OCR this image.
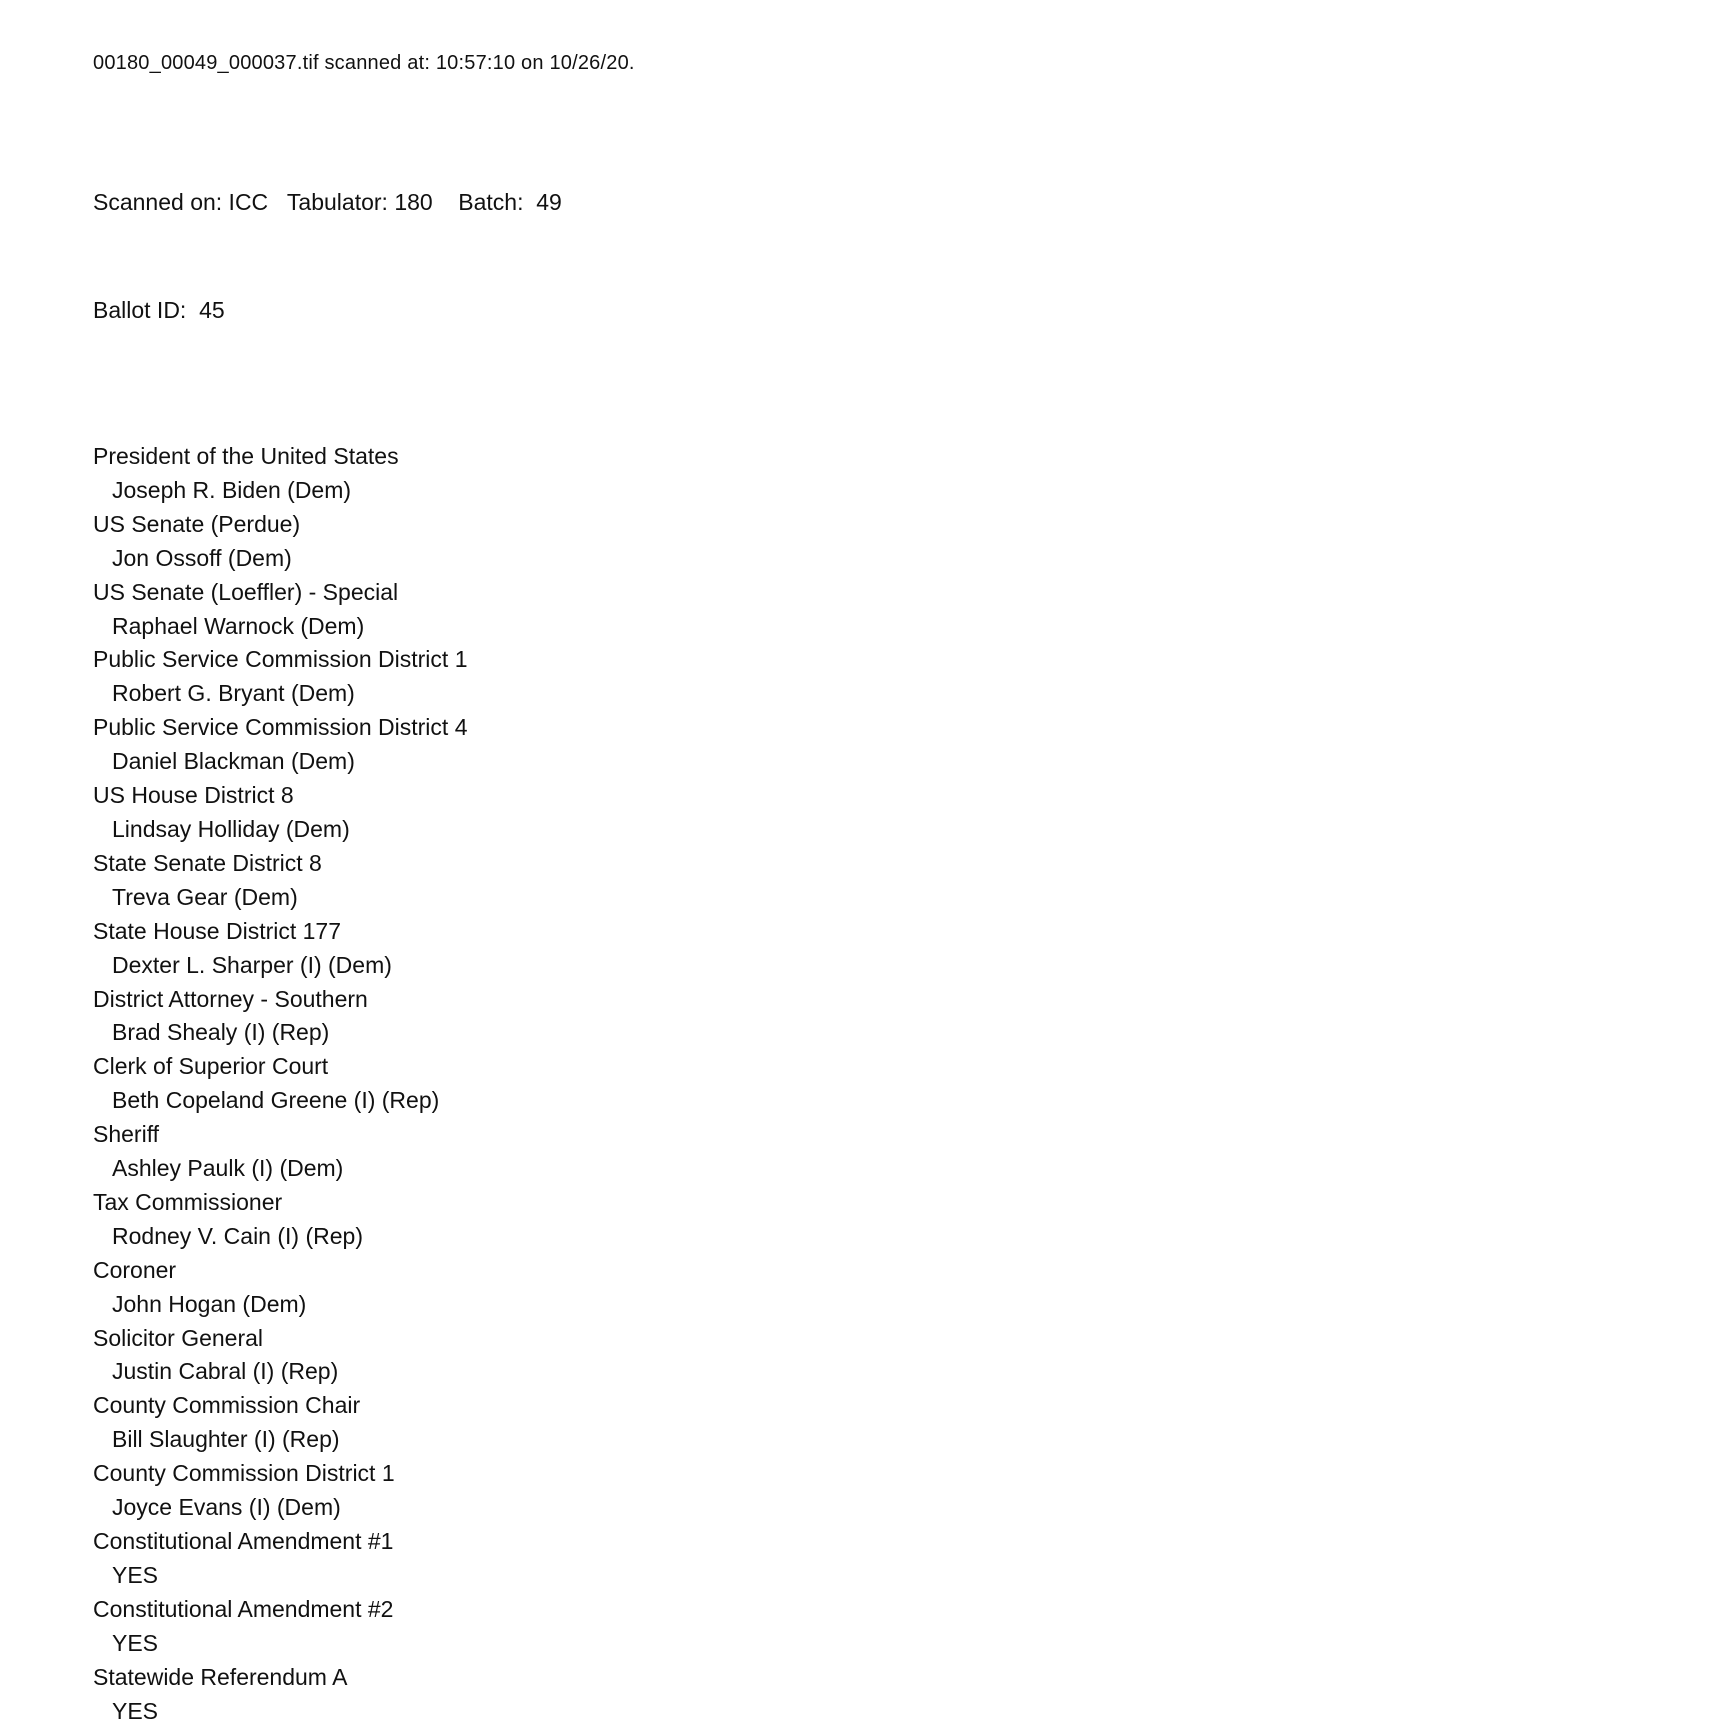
00180_00049_000037.tif scanned at: 10:57:10 on 10/26/20.

Scanned on: ICC   Tabulator: 180    Batch:  49

Ballot ID:  45

President of the United States
Joseph R. Biden (Dem)
US Senate (Perdue)
Jon Ossoff (Dem)
US Senate (Loeffler) - Special
Raphael Warnock (Dem)
Public Service Commission District 1
Robert G. Bryant (Dem)
Public Service Commission District 4
Daniel Blackman (Dem)
US House District 8
Lindsay Holliday (Dem)
State Senate District 8
Treva Gear (Dem)
State House District 177
Dexter L. Sharper (I) (Dem)
District Attorney - Southern
Brad Shealy (I) (Rep)
Clerk of Superior Court
Beth Copeland Greene (I) (Rep)
Sheriff
Ashley Paulk (I) (Dem)
Tax Commissioner
Rodney V. Cain (I) (Rep)
Coroner
John Hogan (Dem)
Solicitor General
Justin Cabral (I) (Rep)
County Commission Chair
Bill Slaughter (I) (Rep)
County Commission District 1
Joyce Evans (I) (Dem)
Constitutional Amendment #1
YES
Constitutional Amendment #2
YES
Statewide Referendum A
YES
